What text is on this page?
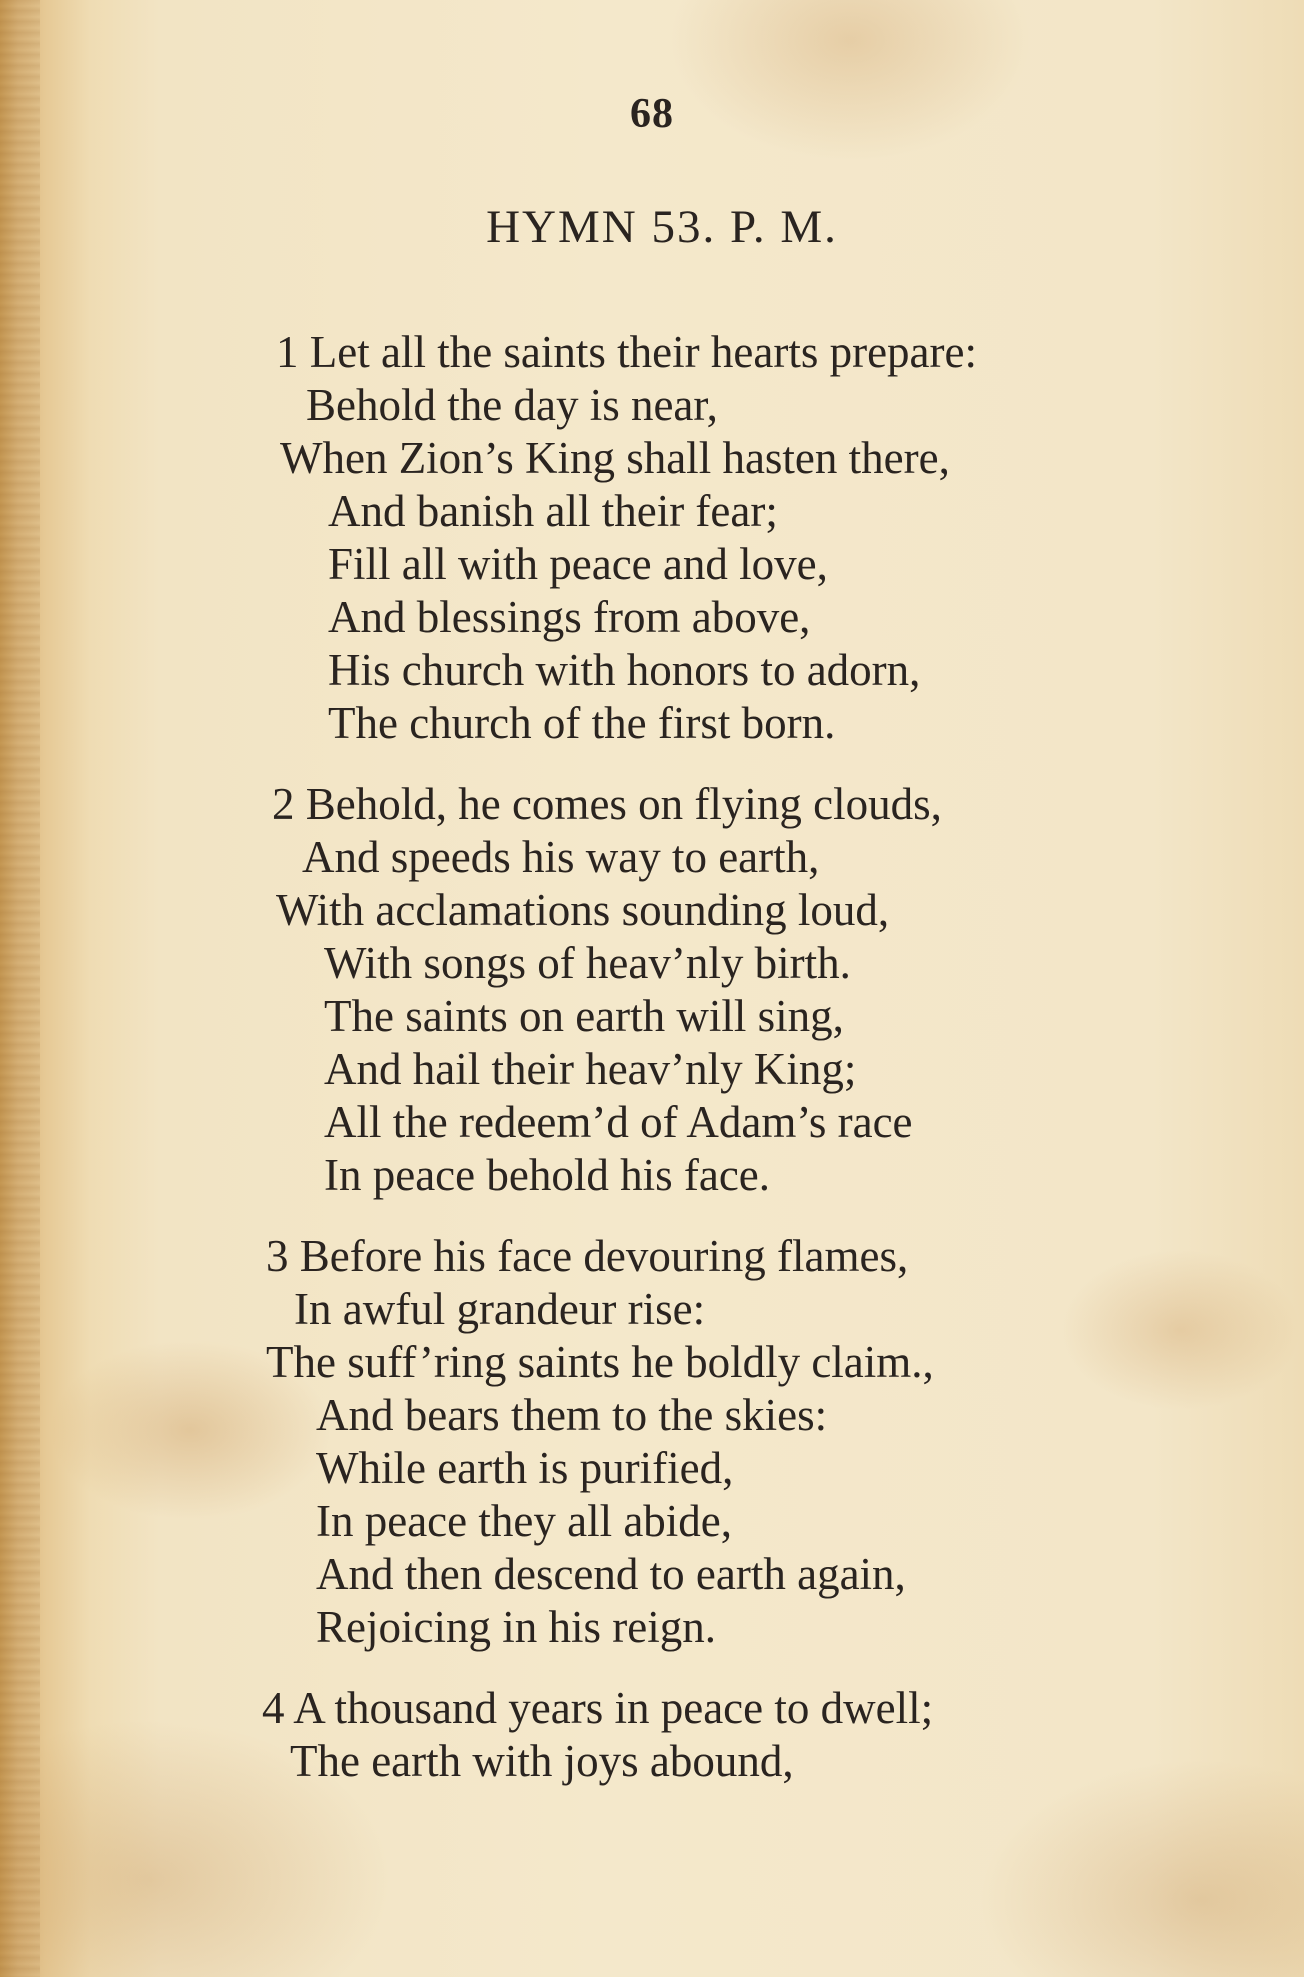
68
HYMN 53. P. M.
1 Let all the saints their hearts prepare:
Behold the day is near,
When Zion’s King shall hasten there,
And banish all their fear;
Fill all with peace and love,
And blessings from above,
His church with honors to adorn,
The church of the first born.
2 Behold, he comes on flying clouds,
And speeds his way to earth,
With acclamations sounding loud,
With songs of heav’nly birth.
The saints on earth will sing,
And hail their heav’nly King;
All the redeem’d of Adam’s race
In peace behold his face.
3 Before his face devouring flames,
In awful grandeur rise:
The suff’ring saints he boldly claim.,
And bears them to the skies:
While earth is purified,
In peace they all abide,
And then descend to earth again,
Rejoicing in his reign.
4 A thousand years in peace to dwell;
The earth with joys abound,
